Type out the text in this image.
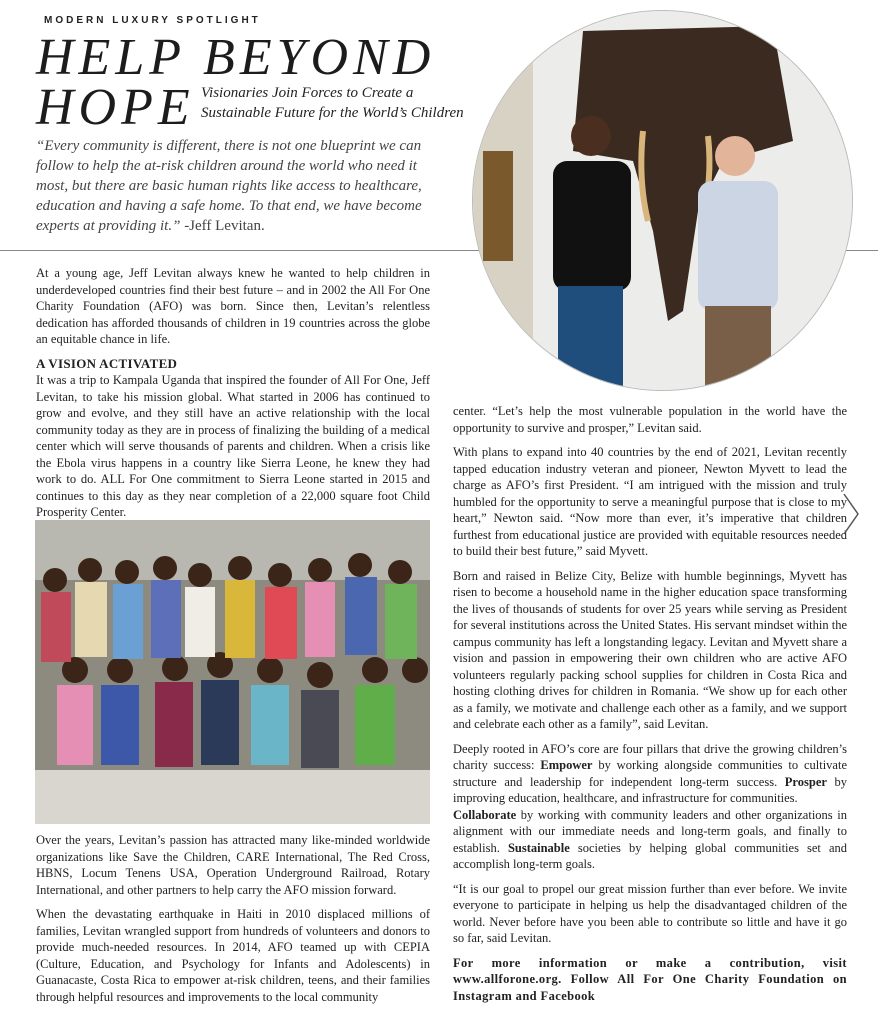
MODERN LUXURY SPOTLIGHT
HELP BEYOND
HOPE Visionaries Join Forces to Create a
Sustainable Future for the World’s Children
“Every community is different, there is not one blueprint we can follow to help the at-risk children around the world who need it most, but there are basic human rights like access to healthcare, education and having a safe home. To that end, we have become experts at providing it.” -Jeff Levitan.

At a young age, Jeff Levitan always knew he wanted to help children in underdeveloped countries find their best future – and in 2002 the All For One Charity Foundation (AFO) was born. Since then, Levitan’s relentless dedication has afforded thousands of children in 19 countries across the globe an equitable chance in life.

A VISION ACTIVATED

It was a trip to Kampala Uganda that inspired the founder of All For One, Jeff Levitan, to take his mission global. What started in 2006 has continued to grow and evolve, and they still have an active relationship with the local community today as they are in process of finalizing the building of a medical center which will serve thousands of parents and children. When a crisis like the Ebola virus happens in a country like Sierra Leone, he knew they had work to do. ALL For One commitment to Sierra Leone started in 2015 and continues to this day as they near completion of a 22,000 square foot Child Prosperity Center.

Over the years, Levitan’s passion has attracted many like-minded worldwide organizations like Save the Children, CARE International, The Red Cross, HBNS, Locum Tenens USA, Operation Underground Railroad, Rotary International, and other partners to help carry the AFO mission forward.

When the devastating earthquake in Haiti in 2010 displaced millions of families, Levitan wrangled support from hundreds of volunteers and donors to provide much-needed resources. In 2014, AFO teamed up with CEPIA (Culture, Education, and Psychology for Infants and Adolescents) in Guanacaste, Costa Rica to empower at-risk children, teens, and their families through helpful resources and improvements to the local community

center. “Let’s help the most vulnerable population in the world have the opportunity to survive and prosper,” Levitan said.

With plans to expand into 40 countries by the end of 2021, Levitan recently tapped education industry veteran and pioneer, Newton Myvett to lead the charge as AFO’s first President. “I am intrigued with the mission and truly humbled for the opportunity to serve a meaningful purpose that is close to my heart,” Newton said. “Now more than ever, it’s imperative that children furthest from educational justice are provided with equitable resources needed to build their best future,” said Myvett.

Born and raised in Belize City, Belize with humble beginnings, Myvett has risen to become a household name in the higher education space transforming the lives of thousands of students for over 25 years while serving as President for several institutions across the United States. His servant mindset within the campus community has left a longstanding legacy. Levitan and Myvett share a vision and passion in empowering their own children who are active AFO volunteers regularly packing school supplies for children in Costa Rica and hosting clothing drives for children in Romania. “We show up for each other as a family, we motivate and challenge each other as a family, and we support and celebrate each other as a family”, said Levitan.

Deeply rooted in AFO’s core are four pillars that drive the growing children’s charity success: Empower by working alongside communities to cultivate structure and leadership for independent long-term success. Prosper by improving education, healthcare, and infrastructure for communities.
Collaborate by working with community leaders and other organizations in alignment with our immediate needs and long-term goals, and finally to establish. Sustainable societies by helping global communities set and accomplish long-term goals.

“It is our goal to propel our great mission further than ever before. We invite everyone to participate in helping us help the disadvantaged children of the world. Never before have you been able to contribute so little and have it go so far, said Levitan.

For more information or make a contribution, visit www.allforone.org. Follow All For One Charity Foundation on Instagram and Facebook
